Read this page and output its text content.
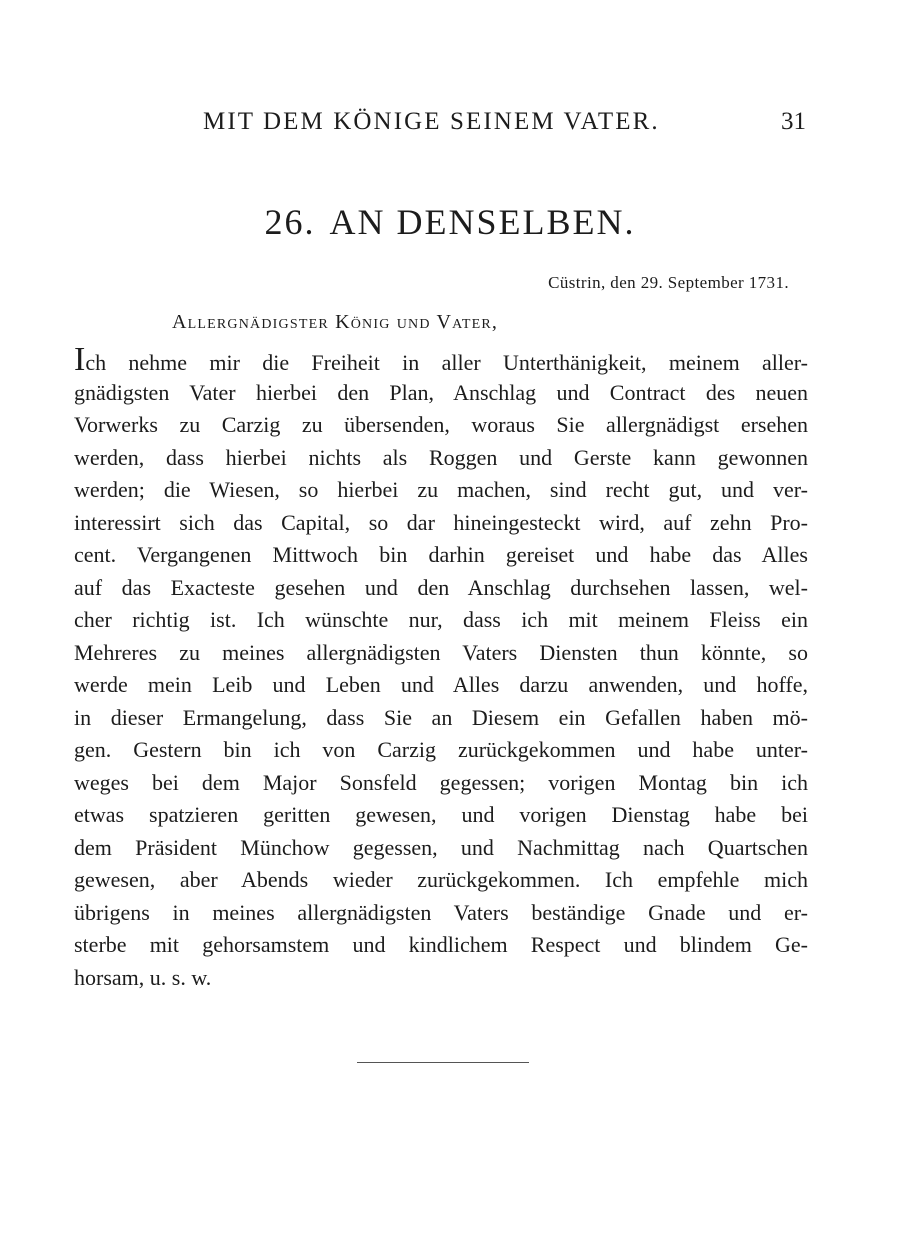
MIT DEM KÖNIGE SEINEM VATER.	31
26. AN DENSELBEN.
Cüstrin, den 29. September 1731.
Allergnädigster König und Vater,
Ich nehme mir die Freiheit in aller Unterthänigkeit, meinem aller-
gnädigsten Vater hierbei den Plan, Anschlag und Contract des neuen
Vorwerks zu Carzig zu übersenden, woraus Sie allergnädigst ersehen
werden, dass hierbei nichts als Roggen und Gerste kann gewonnen
werden; die Wiesen, so hierbei zu machen, sind recht gut, und ver-
interessirt sich das Capital, so dar hineingesteckt wird, auf zehn Pro-
cent. Vergangenen Mittwoch bin darhin gereiset und habe das Alles
auf das Exacteste gesehen und den Anschlag durchsehen lassen, wel-
cher richtig ist. Ich wünschte nur, dass ich mit meinem Fleiss ein
Mehreres zu meines allergnädigsten Vaters Diensten thun könnte, so
werde mein Leib und Leben und Alles darzu anwenden, und hoffe,
in dieser Ermangelung, dass Sie an Diesem ein Gefallen haben mö-
gen. Gestern bin ich von Carzig zurückgekommen und habe unter-
weges bei dem Major Sonsfeld gegessen; vorigen Montag bin ich
etwas spatzieren geritten gewesen, und vorigen Dienstag habe bei
dem Präsident Münchow gegessen, und Nachmittag nach Quartschen
gewesen, aber Abends wieder zurückgekommen. Ich empfehle mich
übrigens in meines allergnädigsten Vaters beständige Gnade und er-
sterbe mit gehorsamstem und kindlichem Respect und blindem Ge-
horsam, u. s. w.
